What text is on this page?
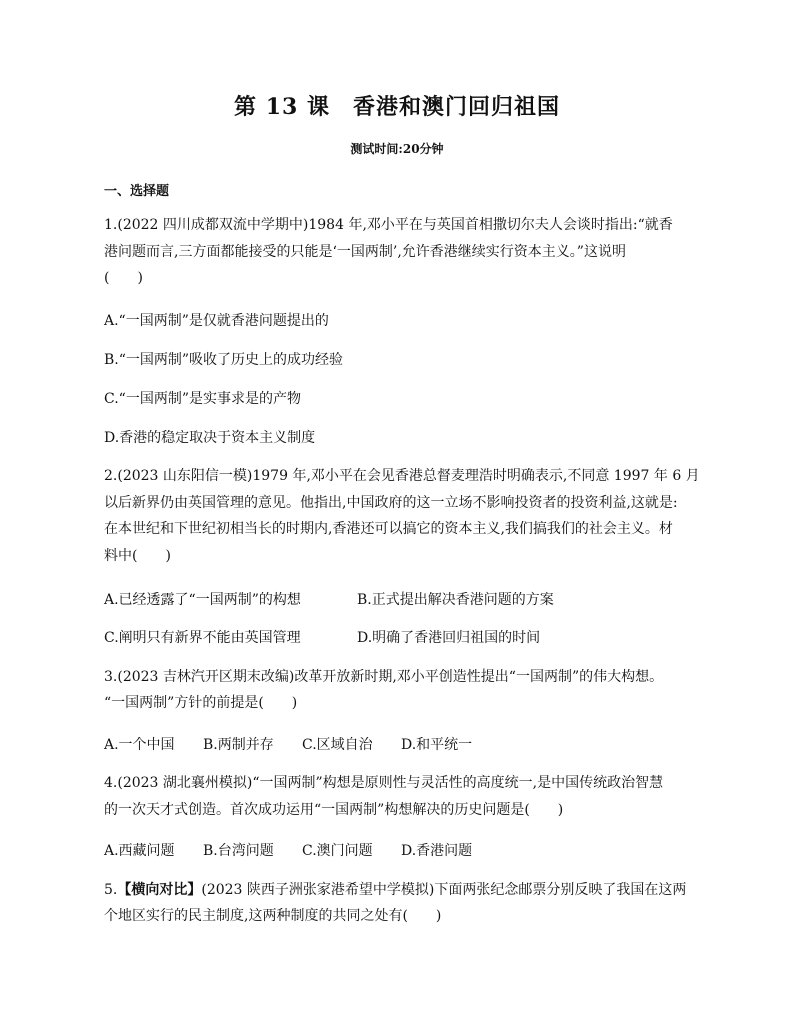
第 13 课　香港和澳门回归祖国
测试时间:20分钟
一、选择题
1.(2022 四川成都双流中学期中)1984 年,邓小平在与英国首相撒切尔夫人会谈时指出:“就香
港问题而言,三方面都能接受的只能是‘一国两制’,允许香港继续实行资本主义。”这说明
(　　)
A.“一国两制”是仅就香港问题提出的
B.“一国两制”吸收了历史上的成功经验
C.“一国两制”是实事求是的产物
D.香港的稳定取决于资本主义制度
2.(2023 山东阳信一模)1979 年,邓小平在会见香港总督麦理浩时明确表示,不同意 1997 年 6 月
以后新界仍由英国管理的意见。他指出,中国政府的这一立场不影响投资者的投资利益,这就是:
在本世纪和下世纪初相当长的时期内,香港还可以搞它的资本主义,我们搞我们的社会主义。材
料中(　　)
A.已经透露了“一国两制”的构想	B.正式提出解决香港问题的方案
C.阐明只有新界不能由英国管理	D.明确了香港回归祖国的时间
3.(2023 吉林汽开区期末改编)改革开放新时期,邓小平创造性提出“一国两制”的伟大构想。
“一国两制”方针的前提是(　　)
A.一个中国 B.两制并存 C.区域自治 D.和平统一
4.(2023 湖北襄州模拟)“一国两制”构想是原则性与灵活性的高度统一,是中国传统政治智慧
的一次天才式创造。首次成功运用“一国两制”构想解决的历史问题是(　　)
A.西藏问题 B.台湾问题 C.澳门问题 D.香港问题
5.【横向对比】(2023 陕西子洲张家港希望中学模拟)下面两张纪念邮票分别反映了我国在这两
个地区实行的民主制度,这两种制度的共同之处有(　　)
